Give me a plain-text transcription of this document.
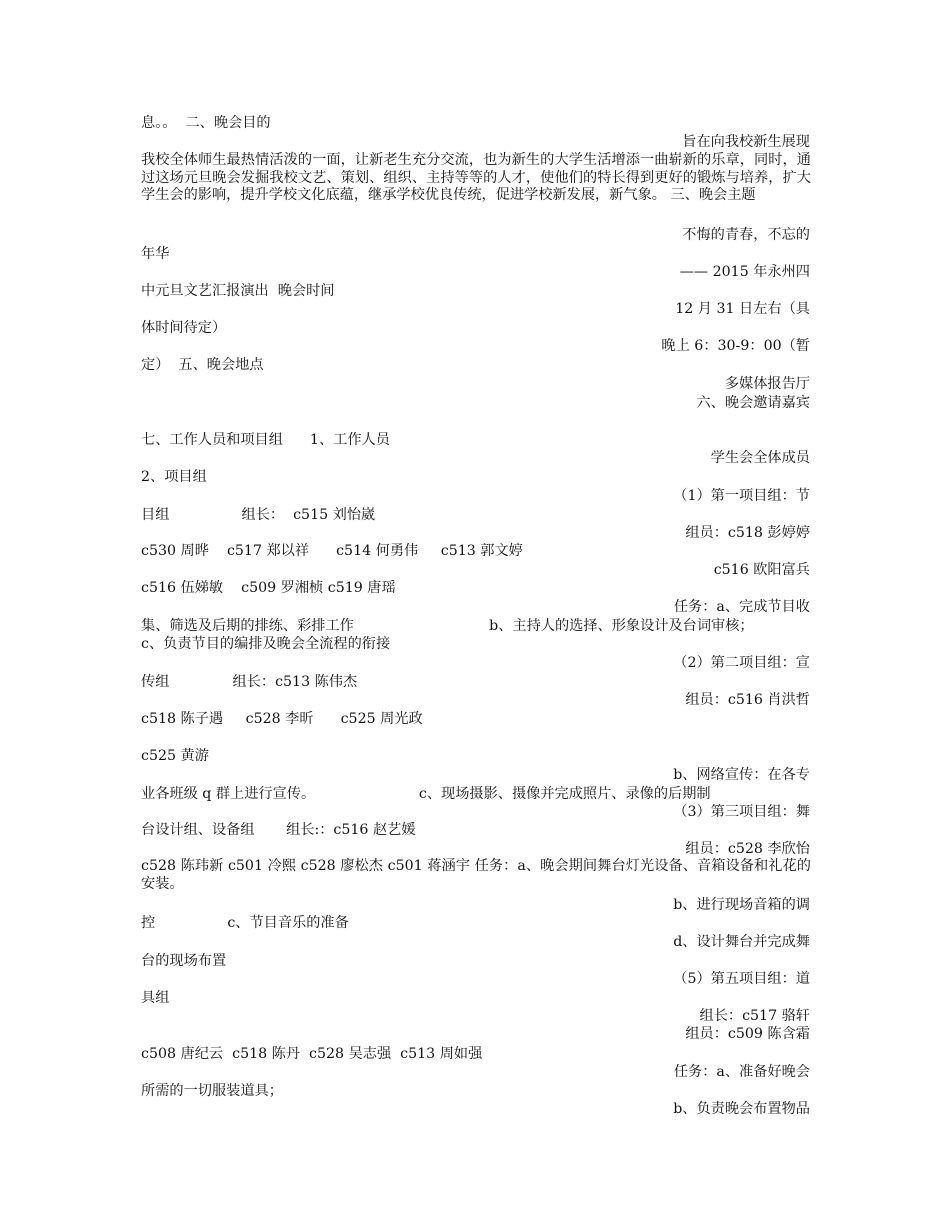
息。。  二、晚会目的

旨在向我校新生展现

我校全体师生最热情活泼的一面，让新老生充分交流，也为新生的大学生活增添一曲崭新的乐章，同时，通过这场元旦晚会发掘我校文艺、策划、组织、主持等等的人才，使他们的特长得到更好的锻炼与培养，扩大学生会的影响，提升学校文化底蕴，继承学校优良传统，促进学校新发展，新气象。 三、晚会主题

不悔的青春，不忘的

年华

—— 2015 年永州四

中元旦文艺汇报演出  晚会时间

12 月 31 日左右（具

体时间待定）

晚上 6：30-9：00（暂

定）  五、晚会地点

多媒体报告厅

六、晚会邀请嘉宾

七、工作人员和项目组      1、工作人员

学生会全体成员

2、项目组

（1）第一项目组：节

目组                组长：  c515 刘怡崴

组员：c518 彭婷婷

c530 周晔    c517 郑以祥      c514 何勇伟     c513 郭文婷

c516 欧阳富兵

c516 伍娣敏    c509 罗湘桢 c519 唐瑶

任务：a、完成节目收

集、筛选及后期的排练、彩排工作                              b、主持人的选择、形象设计及台词审核；

c、负责节目的编排及晚会全流程的衔接

（2）第二项目组：宣

传组              组长：c513 陈伟杰

组员：c516 肖洪哲

c518 陈子遇     c528 李昕      c525 周光政

c525 黄游

b、网络宣传：在各专

业各班级 q 群上进行宣传。                       c、现场摄影、摄像并完成照片、录像的后期制

（3）第三项目组：舞

台设计组、设备组       组长:：c516 赵艺媛

组员：c528 李欣怡

c528 陈玮新 c501 冷熙 c528 廖松杰 c501 蒋涵宇 任务：a、晚会期间舞台灯光设备、音箱设备和礼花的安装。

b、进行现场音箱的调

控                c、节目音乐的准备

d、设计舞台并完成舞

台的现场布置

（5）第五项目组：道

具组

组长：c517 骆轩

组员：c509 陈含霜

c508 唐纪云  c518 陈丹  c528 吴志强  c513 周如强

任务：a、准备好晚会

所需的一切服装道具；

b、负责晚会布置物品
